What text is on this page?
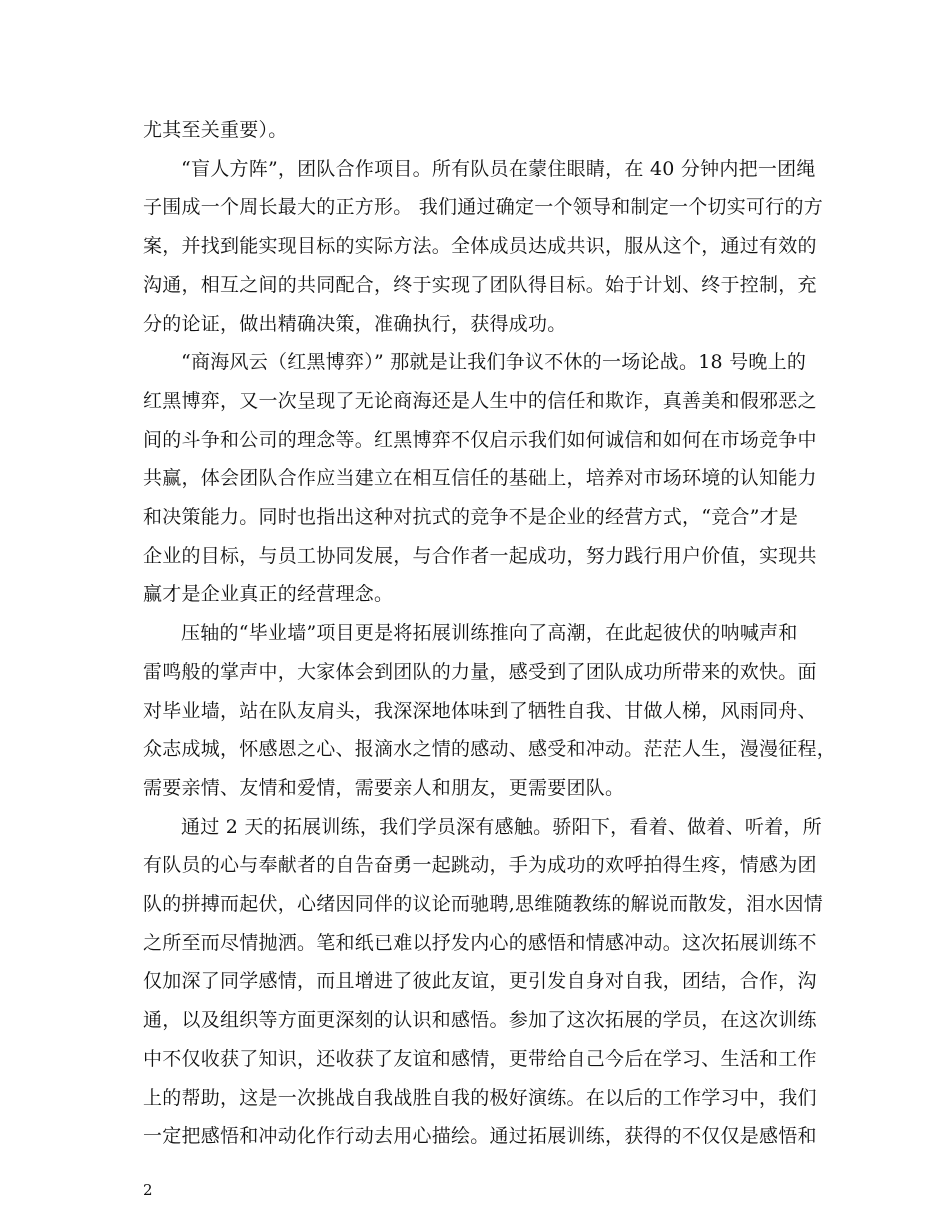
尤其至关重要）。
“盲人方阵”，团队合作项目。所有队员在蒙住眼睛，在 40 分钟内把一团绳
子围成一个周长最大的正方形。 我们通过确定一个领导和制定一个切实可行的方
案，并找到能实现目标的实际方法。全体成员达成共识，服从这个，通过有效的
沟通，相互之间的共同配合，终于实现了团队得目标。始于计划、终于控制，充
分的论证，做出精确决策，准确执行，获得成功。
“商海风云（红黑博弈）” 那就是让我们争议不休的一场论战。18 号晚上的
红黑博弈，又一次呈现了无论商海还是人生中的信任和欺诈，真善美和假邪恶之
间的斗争和公司的理念等。红黑博弈不仅启示我们如何诚信和如何在市场竞争中
共赢，体会团队合作应当建立在相互信任的基础上，培养对市场环境的认知能力
和决策能力。同时也指出这种对抗式的竞争不是企业的经营方式，“竞合”才是
企业的目标，与员工协同发展，与合作者一起成功，努力践行用户价值，实现共
赢才是企业真正的经营理念。
压轴的“毕业墙”项目更是将拓展训练推向了高潮，在此起彼伏的呐喊声和
雷鸣般的掌声中，大家体会到团队的力量，感受到了团队成功所带来的欢快。面
对毕业墙，站在队友肩头，我深深地体味到了牺牲自我、甘做人梯，风雨同舟、
众志成城，怀感恩之心、报滴水之情的感动、感受和冲动。茫茫人生，漫漫征程，
需要亲情、友情和爱情，需要亲人和朋友，更需要团队。
通过 2 天的拓展训练，我们学员深有感触。骄阳下，看着、做着、听着，所
有队员的心与奉献者的自告奋勇一起跳动，手为成功的欢呼拍得生疼，情感为团
队的拼搏而起伏，心绪因同伴的议论而驰聘,思维随教练的解说而散发，泪水因情
之所至而尽情抛洒。笔和纸已难以抒发内心的感悟和情感冲动。这次拓展训练不
仅加深了同学感情，而且增进了彼此友谊，更引发自身对自我，团结，合作，沟
通，以及组织等方面更深刻的认识和感悟。参加了这次拓展的学员，在这次训练
中不仅收获了知识，还收获了友谊和感情，更带给自己今后在学习、生活和工作
上的帮助，这是一次挑战自我战胜自我的极好演练。在以后的工作学习中，我们
一定把感悟和冲动化作行动去用心描绘。通过拓展训练，获得的不仅仅是感悟和
2
